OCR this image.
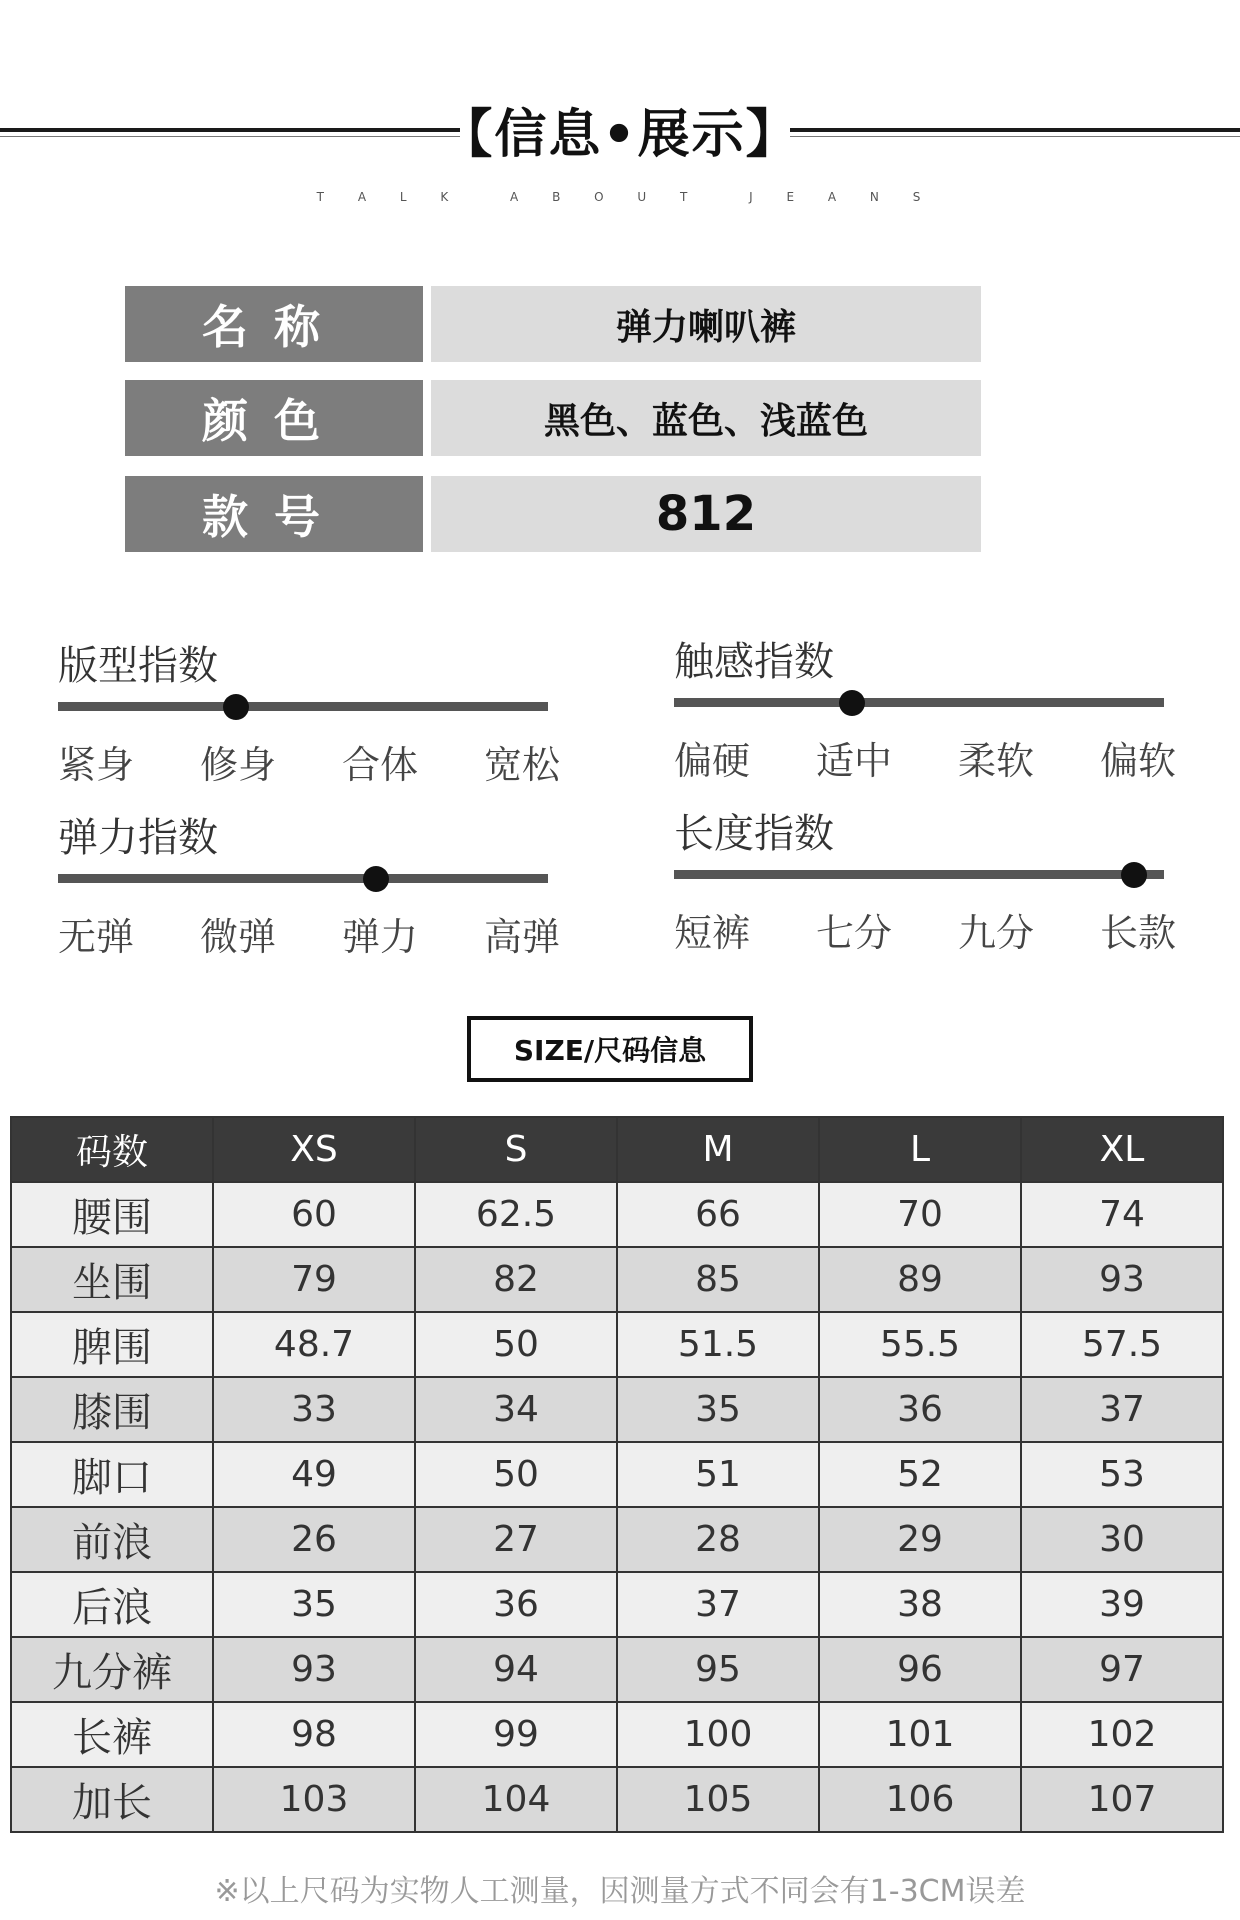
【信息•展示】
T A L K	A B O U T	J E A N S
名称	弹力喇叭裤
颜色	黑色、蓝色、浅蓝色
款号	812
版型指数
紧身 修身 合体 宽松
触感指数
偏硬 适中 柔软 偏软
弹力指数
无弹 微弹 弹力 高弹
长度指数
短裤 七分 九分 长款
SIZE/尺码信息
码数	XS	S	M	L	XL
腰围	60	62.5	66	70	74
坐围	79	82	85	89	93
脾围	48.7	50	51.5	55.5	57.5
膝围	33	34	35	36	37
脚口	49	50	51	52	53
前浪	26	27	28	29	30
后浪	35	36	37	38	39
九分裤	93	94	95	96	97
长裤	98	99	100	101	102
加长	103	104	105	106	107
※以上尺码为实物人工测量，因测量方式不同会有1-3CM误差
